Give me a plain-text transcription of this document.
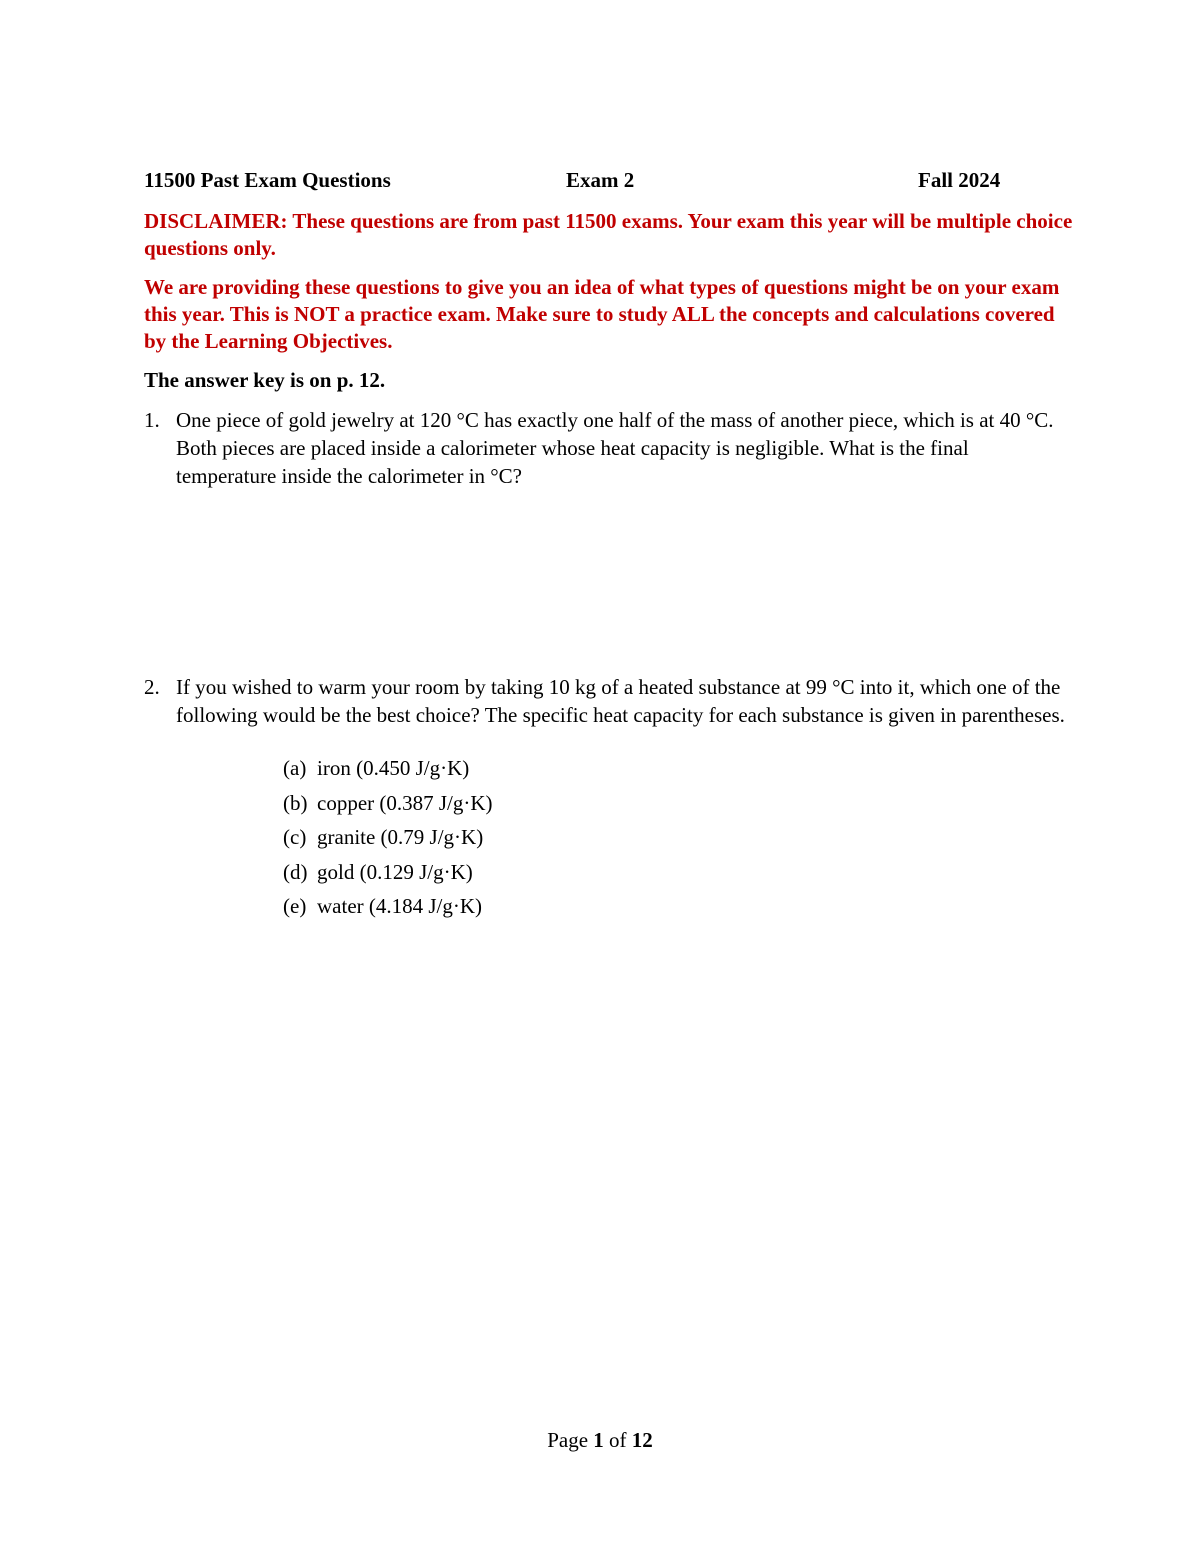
11500 Past Exam Questions	Exam 2	Fall 2024

DISCLAIMER: These questions are from past 11500 exams. Your exam this year will be multiple choice questions only.

We are providing these questions to give you an idea of what types of questions might be on your exam this year. This is NOT a practice exam. Make sure to study ALL the concepts and calculations covered by the Learning Objectives.

The answer key is on p. 12.
1. One piece of gold jewelry at 120 °C has exactly one half of the mass of another piece, which is at 40 °C. Both pieces are placed inside a calorimeter whose heat capacity is negligible. What is the final temperature inside the calorimeter in °C?

2. If you wished to warm your room by taking 10 kg of a heated substance at 99 °C into it, which one of the following would be the best choice? The specific heat capacity for each substance is given in parentheses.

(a) iron (0.450 J/g·K)
(b) copper (0.387 J/g·K)
(c) granite (0.79 J/g·K)
(d) gold (0.129 J/g·K)
(e) water (4.184 J/g·K)
Page 1 of 12
